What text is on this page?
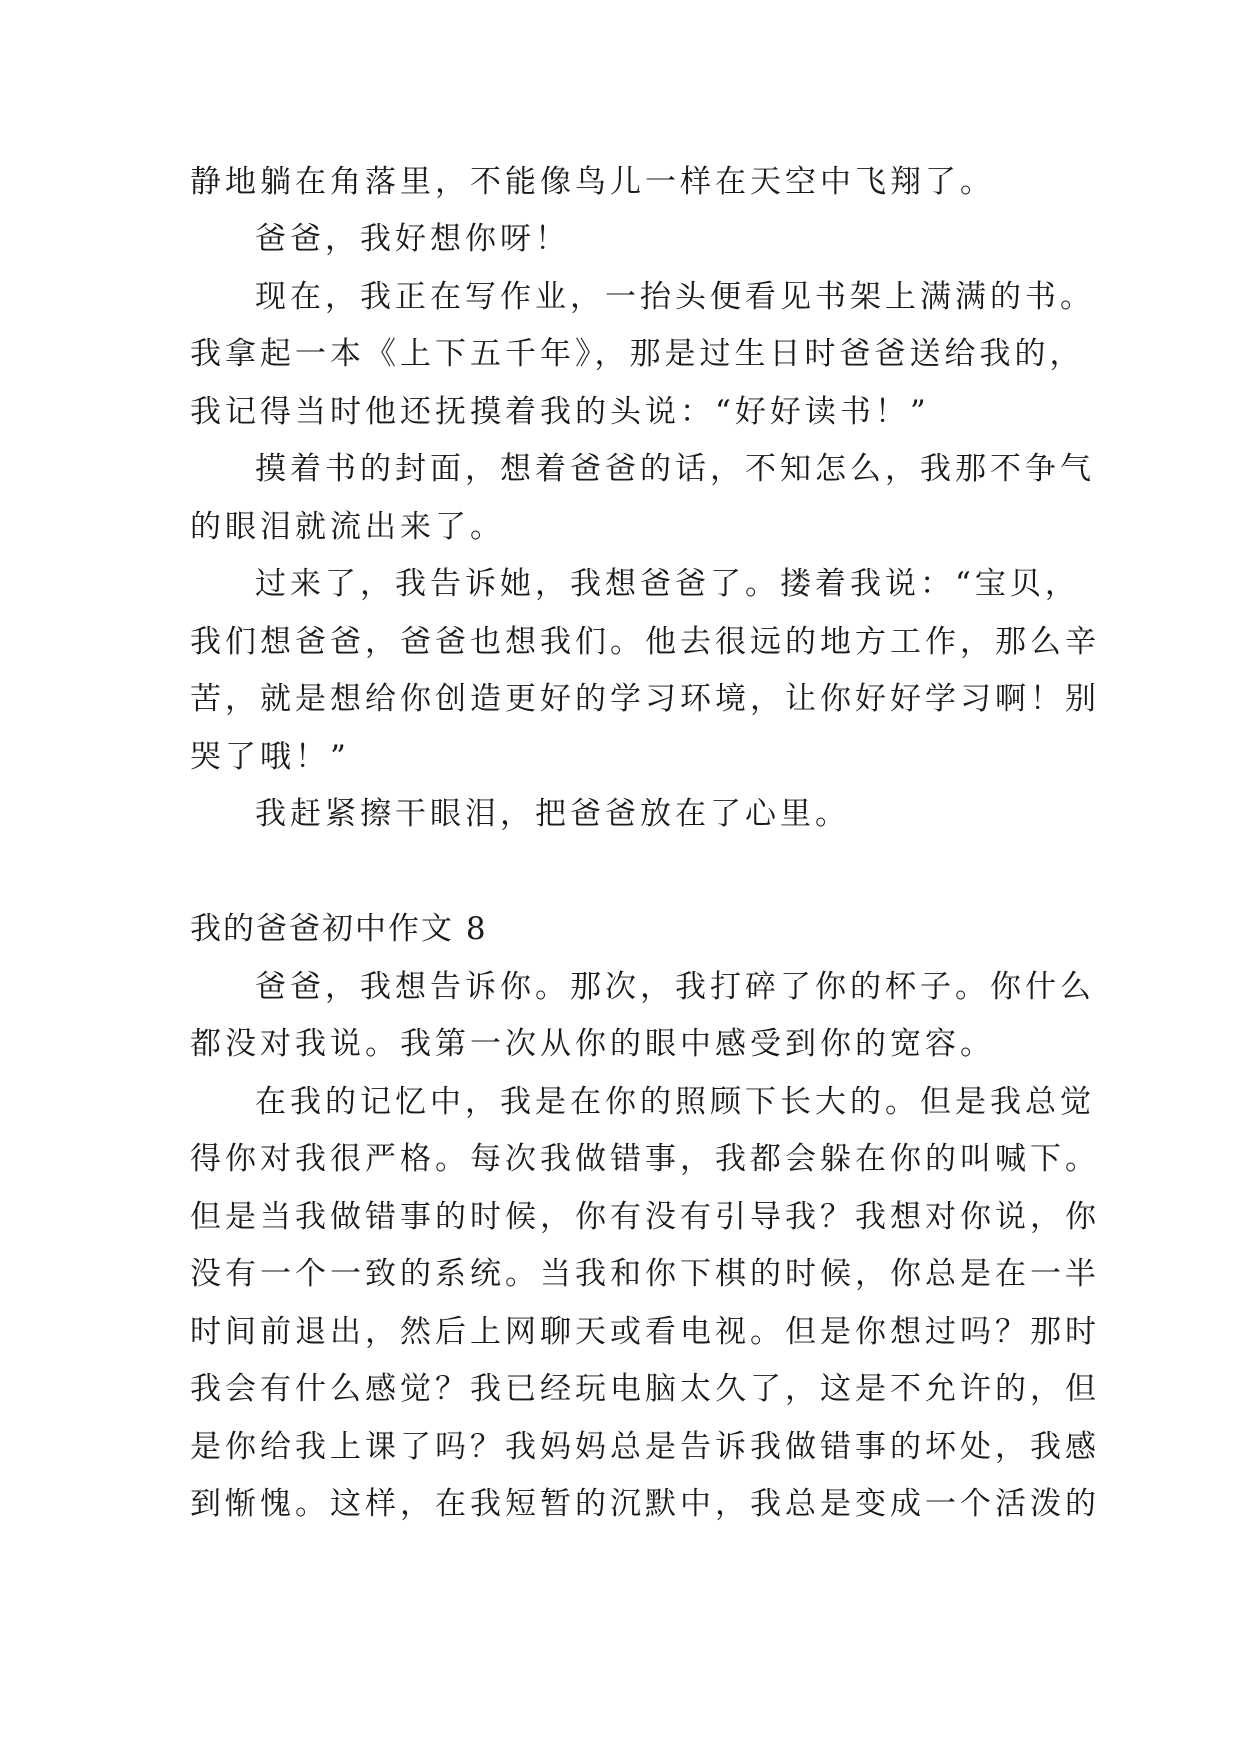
静地躺在角落里，不能像鸟儿一样在天空中飞翔了。
爸爸，我好想你呀！
现在，我正在写作业，一抬头便看见书架上满满的书。
我拿起一本《上下五千年》，那是过生日时爸爸送给我的，
我记得当时他还抚摸着我的头说：“好好读书！”
摸着书的封面，想着爸爸的话，不知怎么，我那不争气
的眼泪就流出来了。
过来了，我告诉她，我想爸爸了。搂着我说：“宝贝，
我们想爸爸，爸爸也想我们。他去很远的地方工作，那么辛
苦，就是想给你创造更好的学习环境，让你好好学习啊！别
哭了哦！”
我赶紧擦干眼泪，把爸爸放在了心里。
我的爸爸初中作文 8
爸爸，我想告诉你。那次，我打碎了你的杯子。你什么
都没对我说。我第一次从你的眼中感受到你的宽容。
在我的记忆中，我是在你的照顾下长大的。但是我总觉
得你对我很严格。每次我做错事，我都会躲在你的叫喊下。
但是当我做错事的时候，你有没有引导我？我想对你说，你
没有一个一致的系统。当我和你下棋的时候，你总是在一半
时间前退出，然后上网聊天或看电视。但是你想过吗？那时
我会有什么感觉？我已经玩电脑太久了，这是不允许的，但
是你给我上课了吗？我妈妈总是告诉我做错事的坏处，我感
到惭愧。这样，在我短暂的沉默中，我总是变成一个活泼的
